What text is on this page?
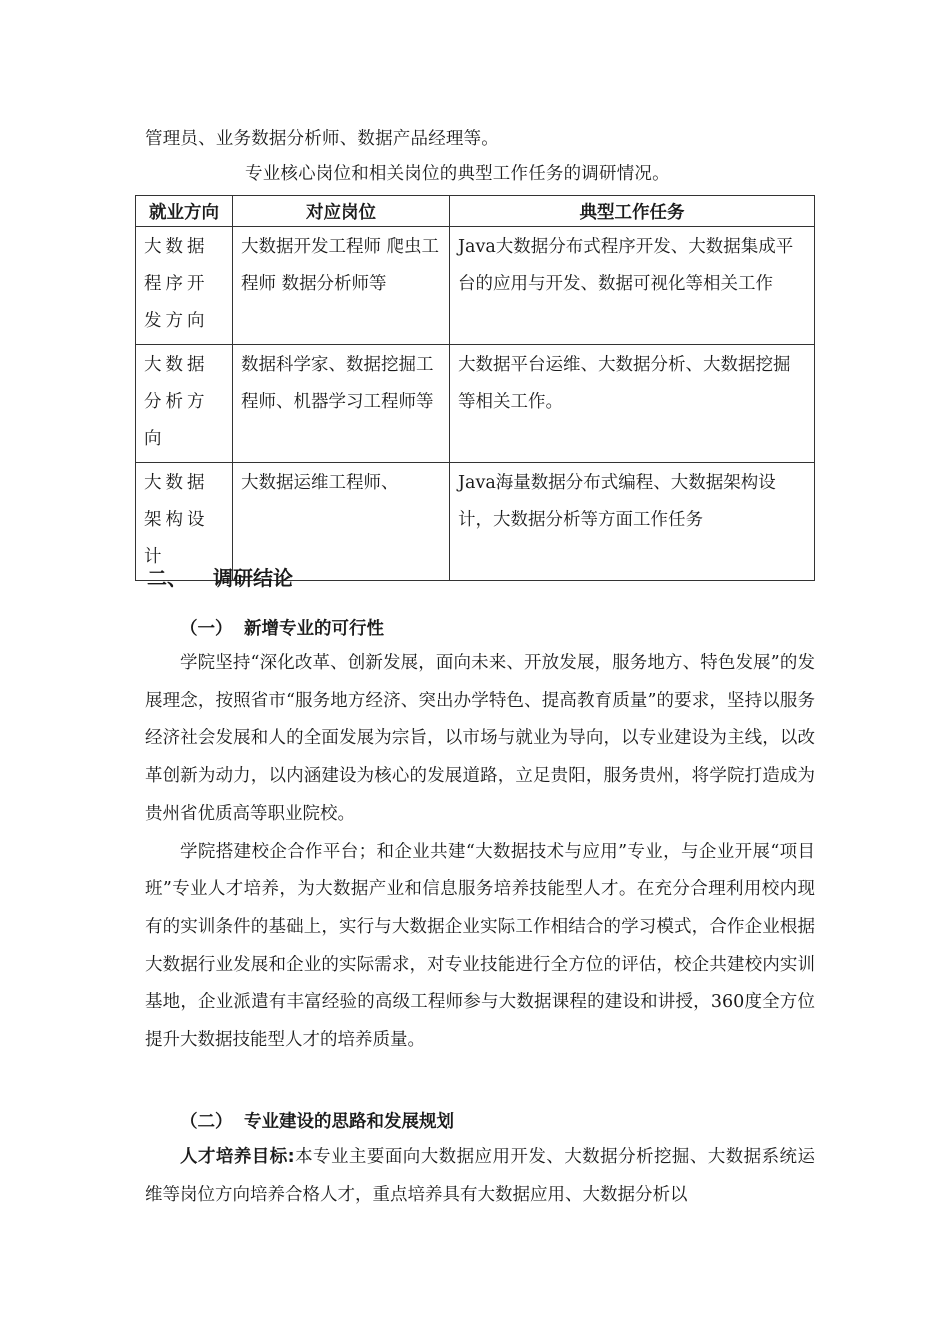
管理员、业务数据分析师、数据产品经理等。
专业核心岗位和相关岗位的典型工作任务的调研情况。
就业方向	对应岗位	典型工作任务
大数据程序开发方向	大数据开发工程师 爬虫工程师 数据分析师等	Java大数据分布式程序开发、大数据集成平台的应用与开发、数据可视化等相关工作
大数据分析方向	数据科学家、数据挖掘工程师、机器学习工程师等	大数据平台运维、大数据分析、大数据挖掘等相关工作。
大数据架构设计	大数据运维工程师、	Java海量数据分布式编程、大数据架构设计，大数据分析等方面工作任务
二、 调研结论
（一） 新增专业的可行性

学院坚持“深化改革、创新发展，面向未来、开放发展，服务地方、特色发展”的发展理念，按照省市“服务地方经济、突出办学特色、提高教育质量”的要求，坚持以服务经济社会发展和人的全面发展为宗旨，以市场与就业为导向，以专业建设为主线，以改革创新为动力，以内涵建设为核心的发展道路，立足贵阳，服务贵州，将学院打造成为贵州省优质高等职业院校。

学院搭建校企合作平台；和企业共建“大数据技术与应用”专业，与企业开展“项目班”专业人才培养，为大数据产业和信息服务培养技能型人才。在充分合理利用校内现有的实训条件的基础上，实行与大数据企业实际工作相结合的学习模式，合作企业根据大数据行业发展和企业的实际需求，对专业技能进行全方位的评估，校企共建校内实训基地，企业派遣有丰富经验的高级工程师参与大数据课程的建设和讲授，360度全方位提升大数据技能型人才的培养质量。

（二） 专业建设的思路和发展规划

人才培养目标:本专业主要面向大数据应用开发、大数据分析挖掘、大数据系统运维等岗位方向培养合格人才，重点培养具有大数据应用、大数据分析以
